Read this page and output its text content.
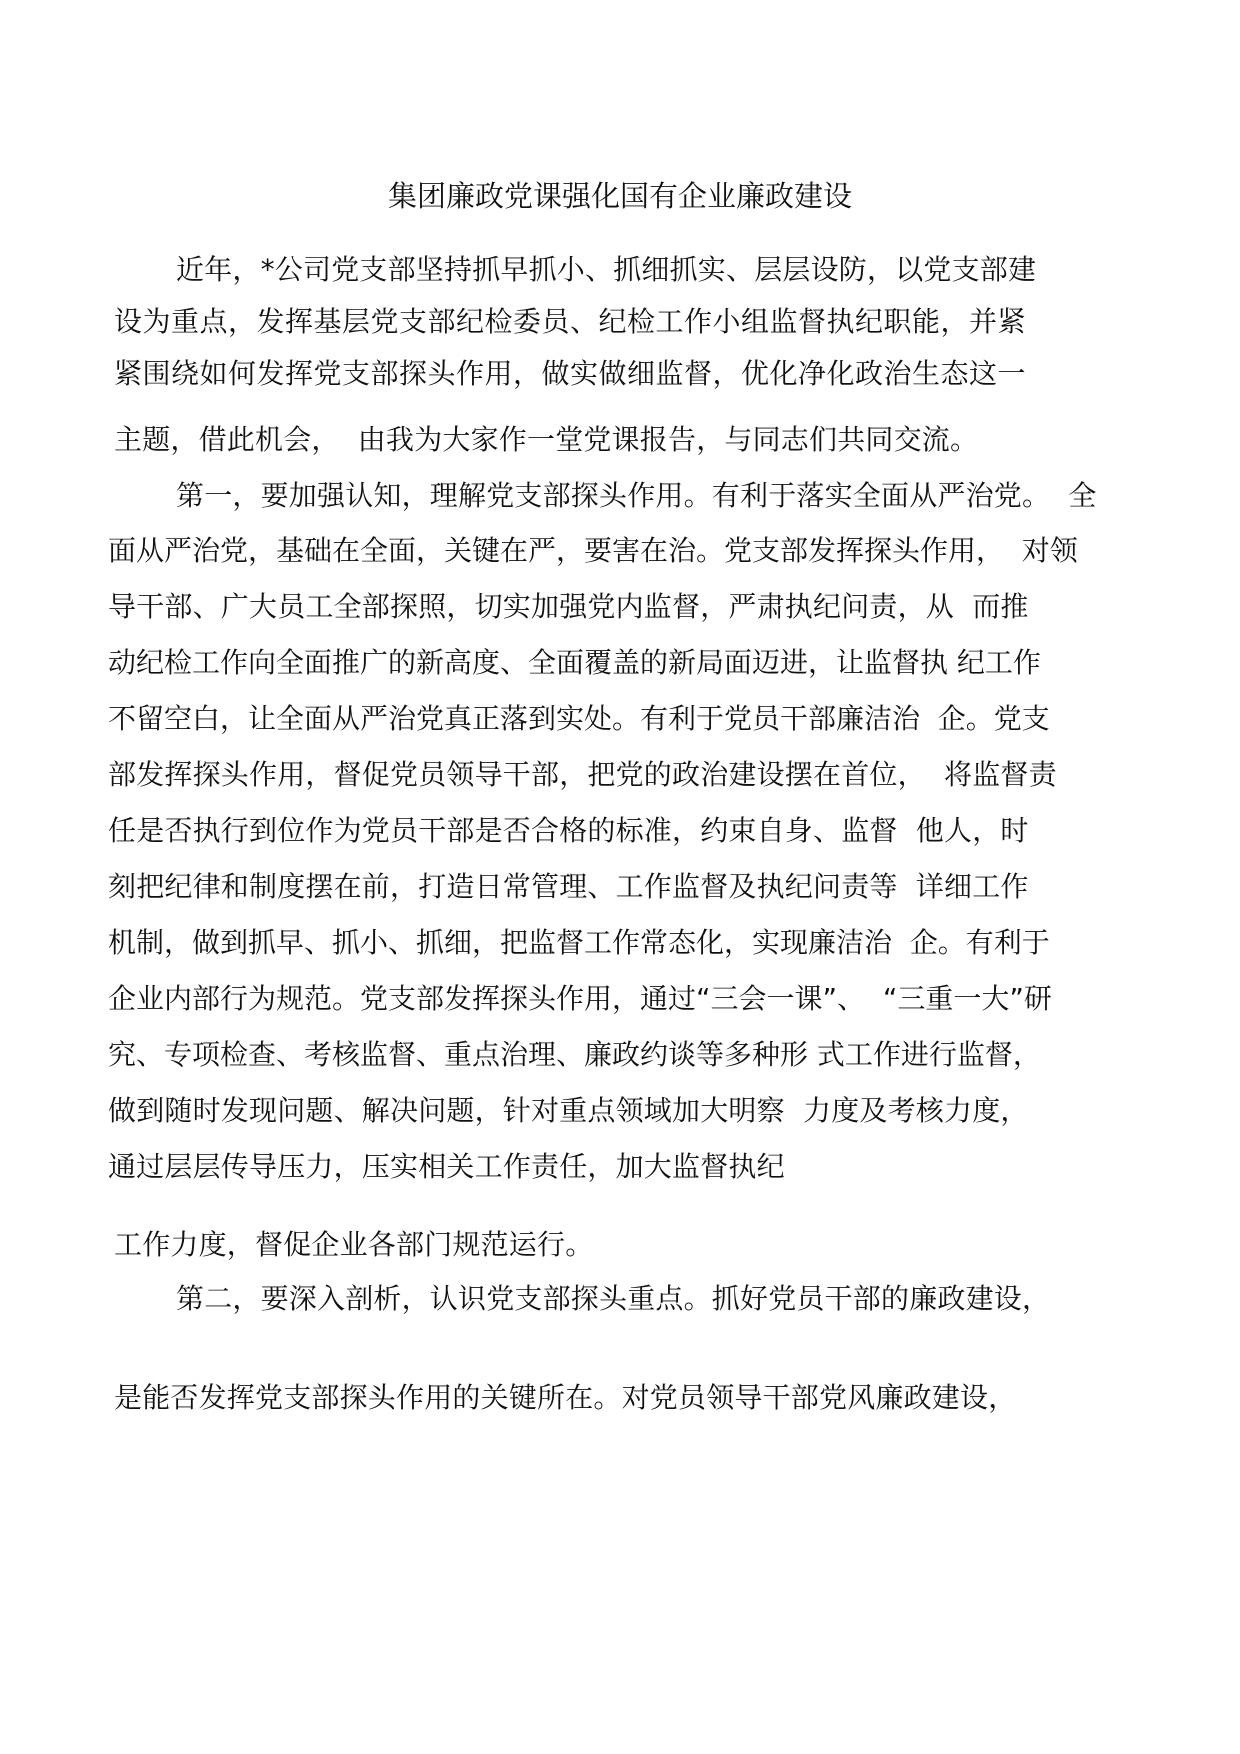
集团廉政党课强化国有企业廉政建设
近年，*公司党支部坚持抓早抓小、抓细抓实、层层设防，以党支部建
设为重点，发挥基层党支部纪检委员、纪检工作小组监督执纪职能，并紧
紧围绕如何发挥党支部探头作用，做实做细监督，优化净化政治生态这一
主题，借此机会，  由我为大家作一堂党课报告，与同志们共同交流。
第一，要加强认知，理解党支部探头作用。有利于落实全面从严治党。  全
面从严治党，基础在全面，关键在严，要害在治。党支部发挥探头作用，  对领
导干部、广大员工全部探照，切实加强党内监督，严肃执纪问责，从  而推
动纪检工作向全面推广的新高度、全面覆盖的新局面迈进，让监督执 纪工作
不留空白，让全面从严治党真正落到实处。有利于党员干部廉洁治  企。党支
部发挥探头作用，督促党员领导干部，把党的政治建设摆在首位，  将监督责
任是否执行到位作为党员干部是否合格的标准，约束自身、监督  他人，时
刻把纪律和制度摆在前，打造日常管理、工作监督及执纪问责等  详细工作
机制，做到抓早、抓小、抓细，把监督工作常态化，实现廉洁治  企。有利于
企业内部行为规范。党支部发挥探头作用，通过“三会一课”、  “三重一大”研
究、专项检查、考核监督、重点治理、廉政约谈等多种形 式工作进行监督，
做到随时发现问题、解决问题，针对重点领域加大明察  力度及考核力度，
通过层层传导压力，压实相关工作责任，加大监督执纪
工作力度，督促企业各部门规范运行。
第二，要深入剖析，认识党支部探头重点。抓好党员干部的廉政建设，
是能否发挥党支部探头作用的关键所在。对党员领导干部党风廉政建设，
